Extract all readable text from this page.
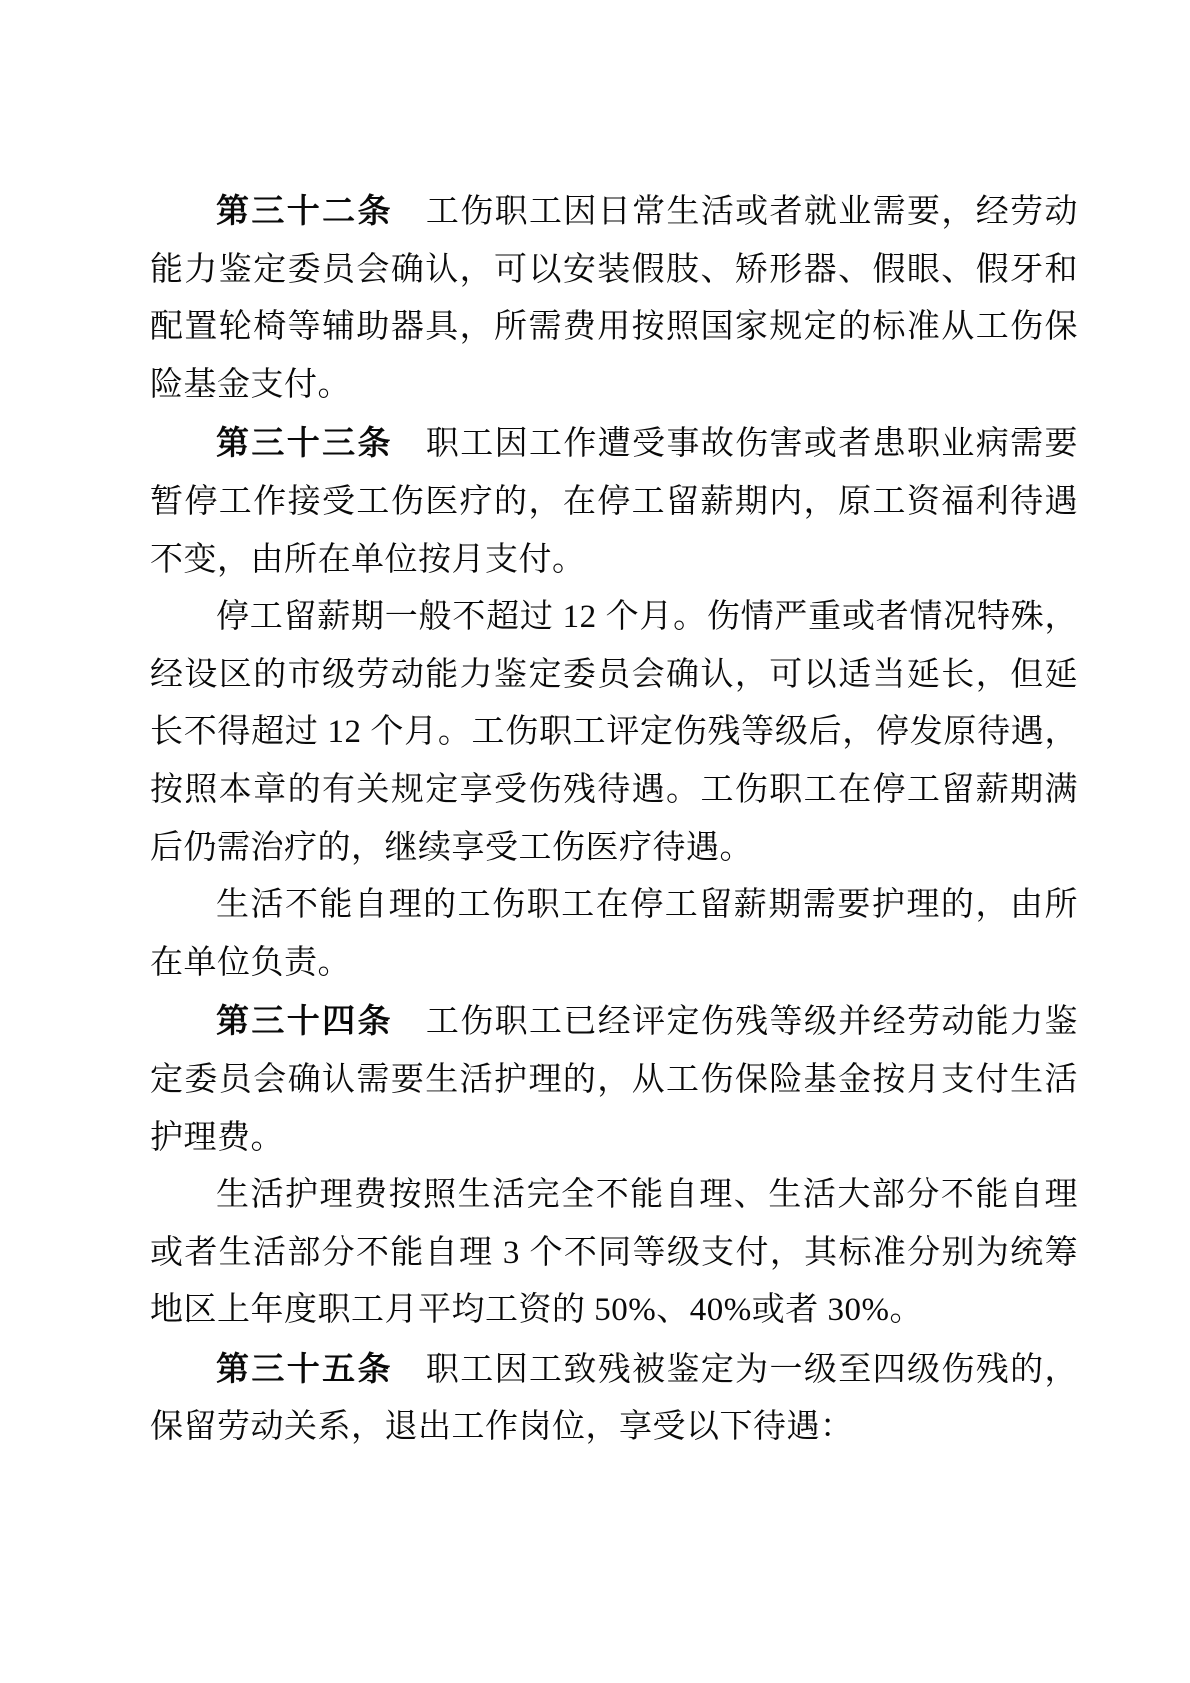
第三十二条 工伤职工因日常生活或者就业需要，经劳动能力鉴定委员会确认，可以安装假肢、矫形器、假眼、假牙和配置轮椅等辅助器具，所需费用按照国家规定的标准从工伤保险基金支付。

第三十三条 职工因工作遭受事故伤害或者患职业病需要暂停工作接受工伤医疗的，在停工留薪期内，原工资福利待遇不变，由所在单位按月支付。

停工留薪期一般不超过 12 个月。伤情严重或者情况特殊，经设区的市级劳动能力鉴定委员会确认，可以适当延长，但延长不得超过 12 个月。工伤职工评定伤残等级后，停发原待遇，按照本章的有关规定享受伤残待遇。工伤职工在停工留薪期满后仍需治疗的，继续享受工伤医疗待遇。

生活不能自理的工伤职工在停工留薪期需要护理的，由所在单位负责。

第三十四条 工伤职工已经评定伤残等级并经劳动能力鉴定委员会确认需要生活护理的，从工伤保险基金按月支付生活护理费。

生活护理费按照生活完全不能自理、生活大部分不能自理或者生活部分不能自理 3 个不同等级支付，其标准分别为统筹地区上年度职工月平均工资的 50%、40%或者 30%。

第三十五条 职工因工致残被鉴定为一级至四级伤残的，保留劳动关系，退出工作岗位，享受以下待遇：
